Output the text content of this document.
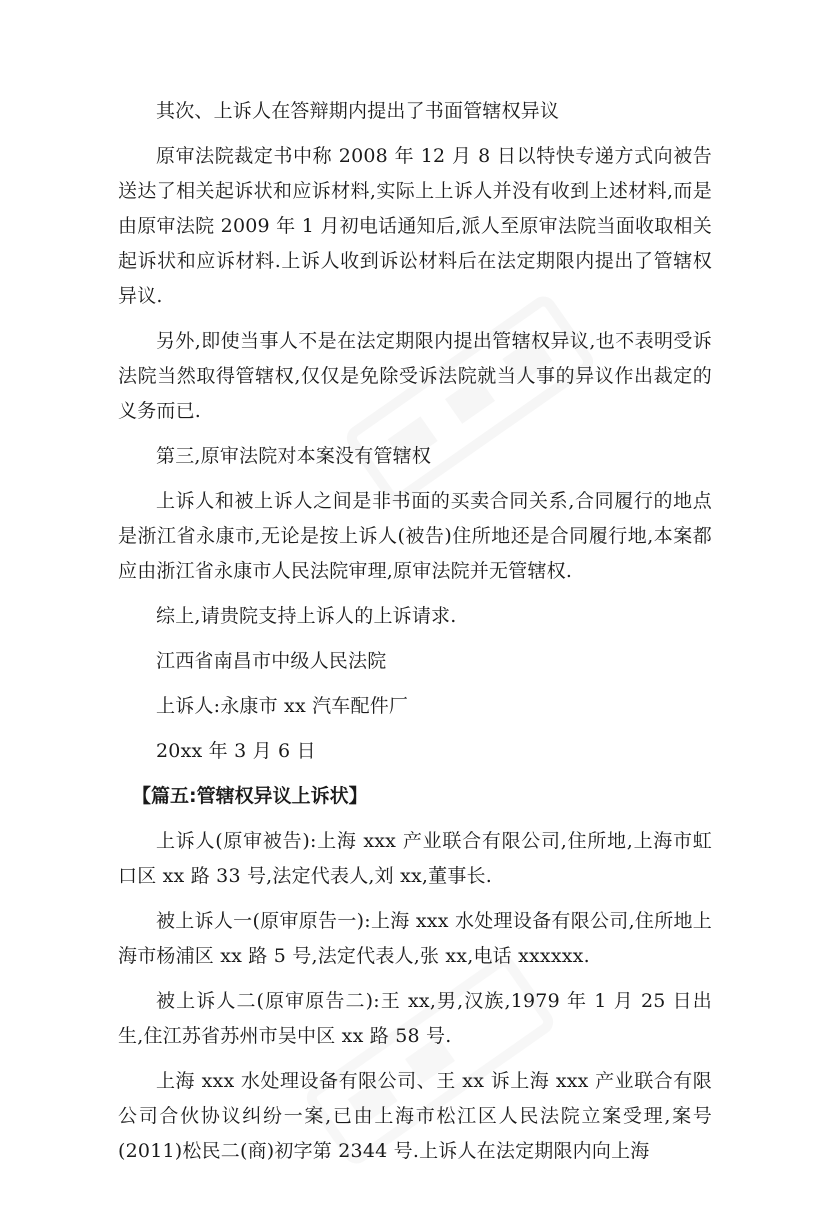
其次、上诉人在答辩期内提出了书面管辖权异议

原审法院裁定书中称 2008 年 12 月 8 日以特快专递方式向被告送达了相关起诉状和应诉材料,实际上上诉人并没有收到上述材料,而是由原审法院 2009 年 1 月初电话通知后,派人至原审法院当面收取相关起诉状和应诉材料.上诉人收到诉讼材料后在法定期限内提出了管辖权异议.

另外,即使当事人不是在法定期限内提出管辖权异议,也不表明受诉法院当然取得管辖权,仅仅是免除受诉法院就当人事的异议作出裁定的义务而已.

第三,原审法院对本案没有管辖权

上诉人和被上诉人之间是非书面的买卖合同关系,合同履行的地点是浙江省永康市,无论是按上诉人(被告)住所地还是合同履行地,本案都应由浙江省永康市人民法院审理,原审法院并无管辖权.

综上,请贵院支持上诉人的上诉请求.

江西省南昌市中级人民法院

上诉人:永康市 xx 汽车配件厂

20xx 年 3 月 6 日

【篇五:管辖权异议上诉状】

上诉人(原审被告):上海 xxx 产业联合有限公司,住所地,上海市虹口区 xx 路 33 号,法定代表人,刘 xx,董事长.

被上诉人一(原审原告一):上海 xxx 水处理设备有限公司,住所地上海市杨浦区 xx 路 5 号,法定代表人,张 xx,电话 xxxxxx.

被上诉人二(原审原告二):王 xx,男,汉族,1979 年 1 月 25 日出生,住江苏省苏州市吴中区 xx 路 58 号.

上海 xxx 水处理设备有限公司、王 xx 诉上海 xxx 产业联合有限公司合伙协议纠纷一案,已由上海市松江区人民法院立案受理,案号(2011)松民二(商)初字第 2344 号.上诉人在法定期限内向上海
